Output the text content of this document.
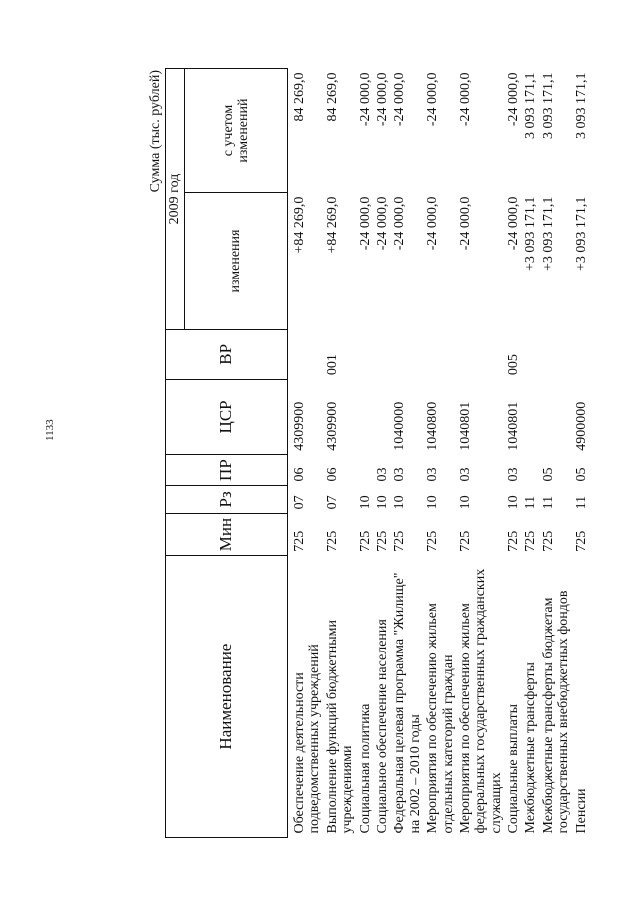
1133
Сумма (тыс. рублей)
Наименование	Мин	Рз	ПР	ЦСР	ВР	2009 год	
						изменения	с учетом изменений
Обеспечение деятельности подведомственных учреждений	725	07	06	4309900		+84 269,0	84 269,0
Выполнение функций бюджетными учреждениями	725	07	06	4309900	001	+84 269,0	84 269,0
Социальная политика	725	10				-24 000,0	-24 000,0
Социальное обеспечение населения	725	10	03			-24 000,0	-24 000,0
Федеральная целевая программа "Жилище" на 2002 – 2010 годы	725	10	03	1040000		-24 000,0	-24 000,0
Мероприятия по обеспечению жильем отдельных категорий граждан	725	10	03	1040800		-24 000,0	-24 000,0
Мероприятия по обеспечению жильем федеральных государственных гражданских служащих	725	10	03	1040801		-24 000,0	-24 000,0
Социальные выплаты	725	10	03	1040801	005	-24 000,0	-24 000,0
Межбюджетные трансферты	725	11				+3 093 171,1	3 093 171,1
Межбюджетные трансферты бюджетам государственных внебюджетных фондов	725	11	05			+3 093 171,1	3 093 171,1
Пенсии	725	11	05	4900000		+3 093 171,1	3 093 171,1
